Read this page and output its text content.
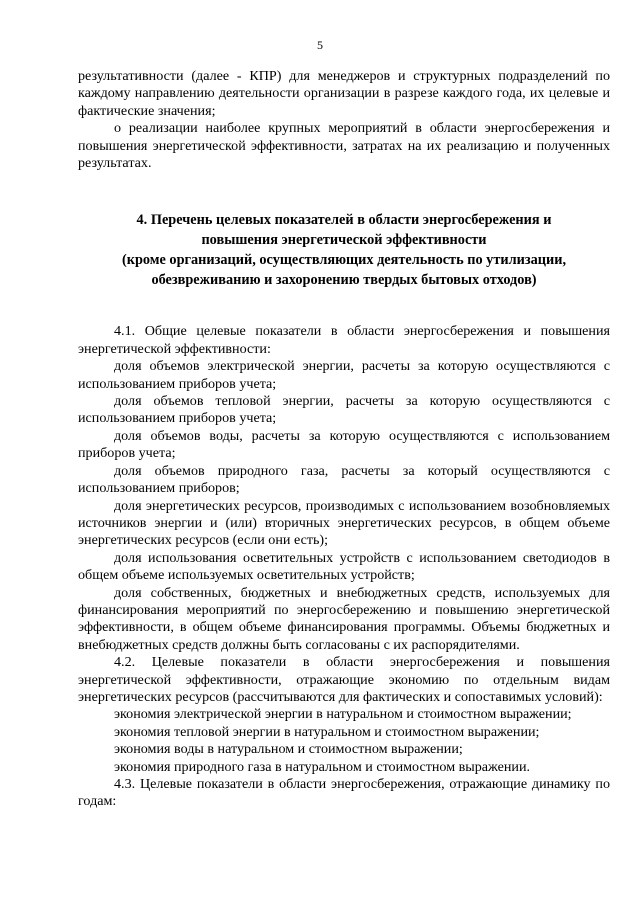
5

результативности (далее - КПР) для менеджеров и структурных подразделений по каждому направлению деятельности организации в разрезе каждого года, их целевые и фактические значения;

о реализации наиболее крупных мероприятий в области энергосбережения и повышения энергетической эффективности, затратах на их реализацию и полученных результатах.

4. Перечень целевых показателей в области энергосбережения и
повышения энергетической эффективности
(кроме организаций, осуществляющих деятельность по утилизации,
обезвреживанию и захоронению твердых бытовых отходов)

4.1. Общие целевые показатели в области энергосбережения и повышения энергетической эффективности:

доля объемов электрической энергии, расчеты за которую осуществляются с использованием приборов учета;

доля объемов тепловой энергии, расчеты за которую осуществляются с использованием приборов учета;

доля объемов воды, расчеты за которую осуществляются с использованием приборов учета;

доля объемов природного газа, расчеты за который осуществляются с использованием приборов;

доля энергетических ресурсов, производимых с использованием возобновляемых источников энергии и (или) вторичных энергетических ресурсов, в общем объеме энергетических ресурсов (если они есть);

доля использования осветительных устройств с использованием светодиодов в общем объеме используемых осветительных устройств;

доля собственных, бюджетных и внебюджетных средств, используемых для финансирования мероприятий по энергосбережению и повышению энергетической эффективности, в общем объеме финансирования программы. Объемы бюджетных и внебюджетных средств должны быть согласованы с их распорядителями.

4.2. Целевые показатели в области энергосбережения и повышения энергетической эффективности, отражающие экономию по отдельным видам энергетических ресурсов (рассчитываются для фактических и сопоставимых условий):

экономия электрической энергии в натуральном и стоимостном выражении;

экономия тепловой энергии в натуральном и стоимостном выражении;

экономия воды в натуральном и стоимостном выражении;

экономия природного газа в натуральном и стоимостном выражении.

4.3. Целевые показатели в области энергосбережения, отражающие динамику по годам:
